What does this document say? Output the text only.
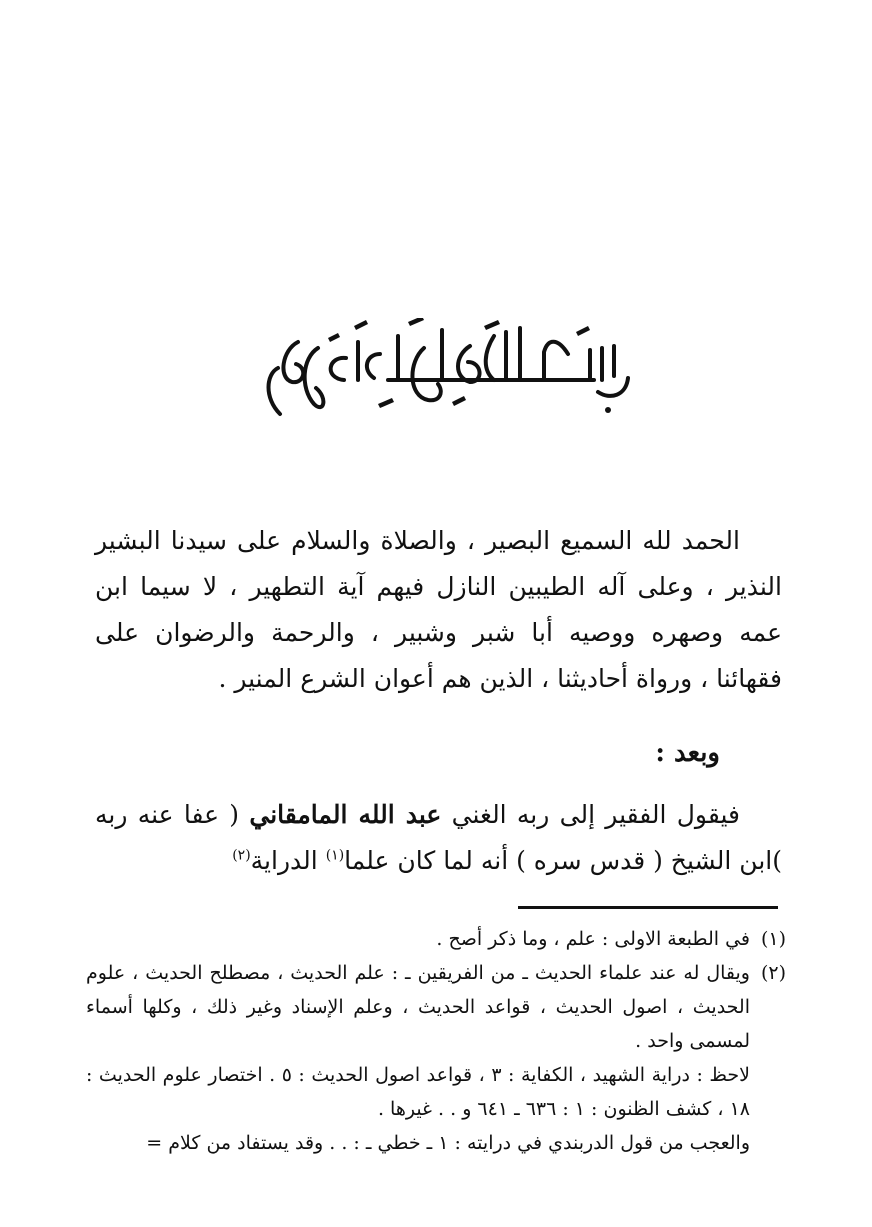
الحمد لله السميع البصير ، والصلاة والسلام على سيدنا البشير النذير ، وعلى آله الطيبين النازل فيهم آية التطهير ، لا سيما ابن عمه وصهره ووصيه أبا شبر وشبير ، والرحمة والرضوان على فقهائنا ، ورواة أحاديثنا ، الذين هم أعوان الشرع المنير .

وبعد :

فيقول الفقير إلى ربه الغني عبد الله المامقاني ( عفا عنه ربه )ابن الشيخ ( قدس سره ) أنه لما كان علما$^{(١)}$ الدراية$^{(٢)}$

(١)
في الطبعة الاولى : علم ، وما ذكر أصح .
(٢)
ويقال له عند علماء الحديث ـ من الفريقين ـ : علم الحديث ، مصطلح الحديث ، علوم الحديث ، اصول الحديث ، قواعد الحديث ، وعلم الإسناد وغير ذلك ، وكلها أسماء لمسمى واحد .
لاحظ : دراية الشهيد ، الكفاية : ٣ ، قواعد اصول الحديث : ٥ . اختصار علوم الحديث : ١٨ ، كشف الظنون : ١ : ٦٣٦ ـ ٦٤١ و . . غيرها .
والعجب من قول الدربندي في درايته : ١ ـ خطي ـ : . . وقد يستفاد من كلام =
